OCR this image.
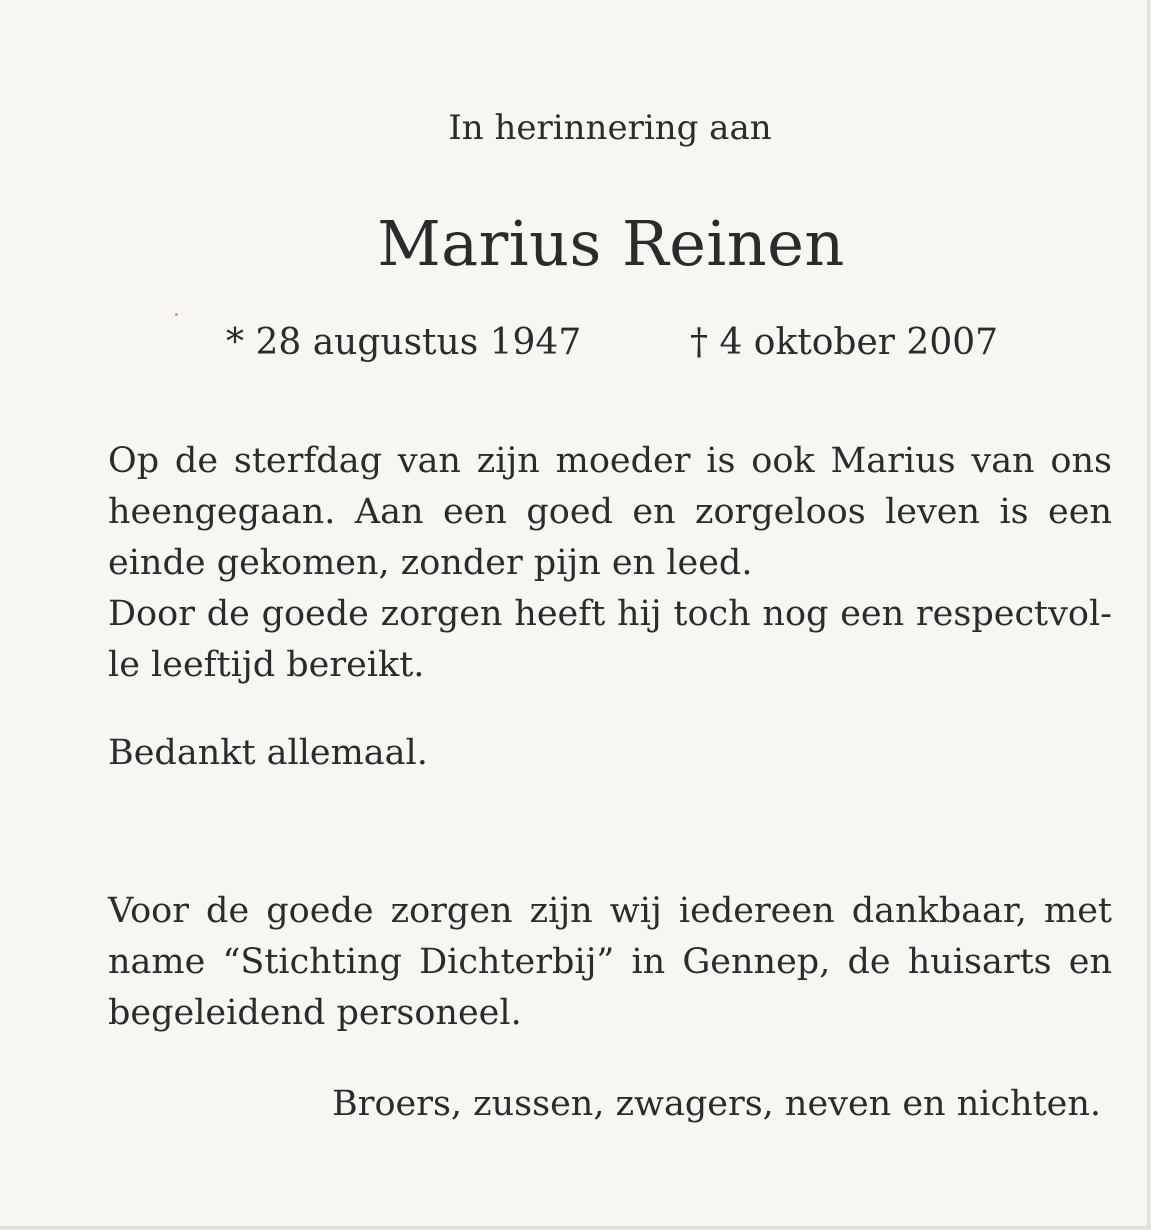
In herinnering aan
Marius Reinen
* 28 augustus 1947	† 4 oktober 2007
Op de sterfdag van zijn moeder is ook Marius van ons
heengegaan. Aan een goed en zorgeloos leven is een
einde gekomen, zonder pijn en leed.
Door de goede zorgen heeft hij toch nog een respectvol-
le leeftijd bereikt.
Bedankt allemaal.
Voor de goede zorgen zijn wij iedereen dankbaar, met
name “Stichting Dichterbij” in Gennep, de huisarts en
begeleidend personeel.
Broers, zussen, zwagers, neven en nichten.
